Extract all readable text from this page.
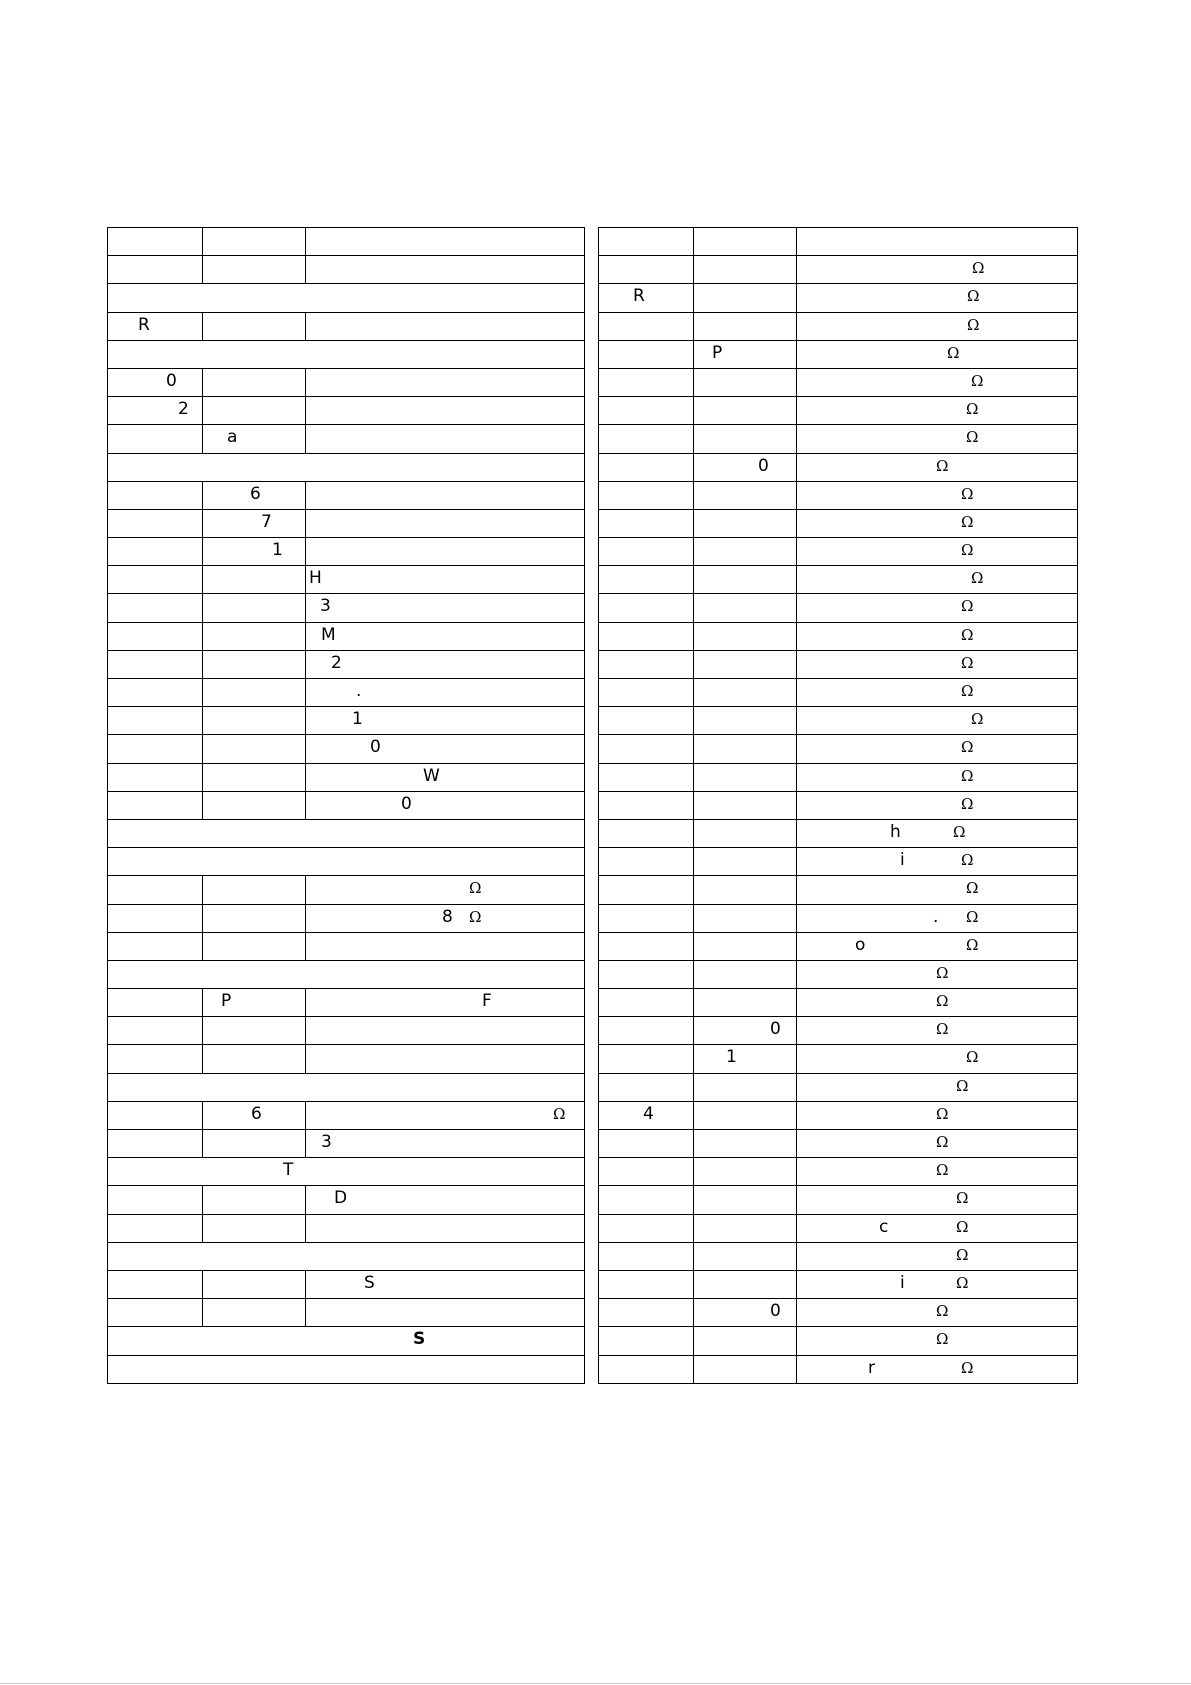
R		

0		

2		

	a	

	6	

	7	

	1	

		H

		3

		M

		2

		.

		1

		0

		W

		0

		Ω

		8 Ω

	P	F

	6	Ω

		3

T		

		D

		S

S		

		Ω

R		Ω

		Ω

	P	Ω

		Ω

		Ω

		Ω

	0	Ω

		Ω

		Ω

		Ω

		Ω

		Ω

		Ω

		Ω

		Ω

		Ω

		Ω

		Ω

		Ω

		h Ω

		i Ω

		Ω

		. Ω

		o Ω

		Ω

		Ω

	0	Ω

	1	Ω

		Ω

4		Ω

		Ω

		Ω

		Ω

		c Ω

		Ω

		i Ω

	0	Ω

		Ω

		r Ω
